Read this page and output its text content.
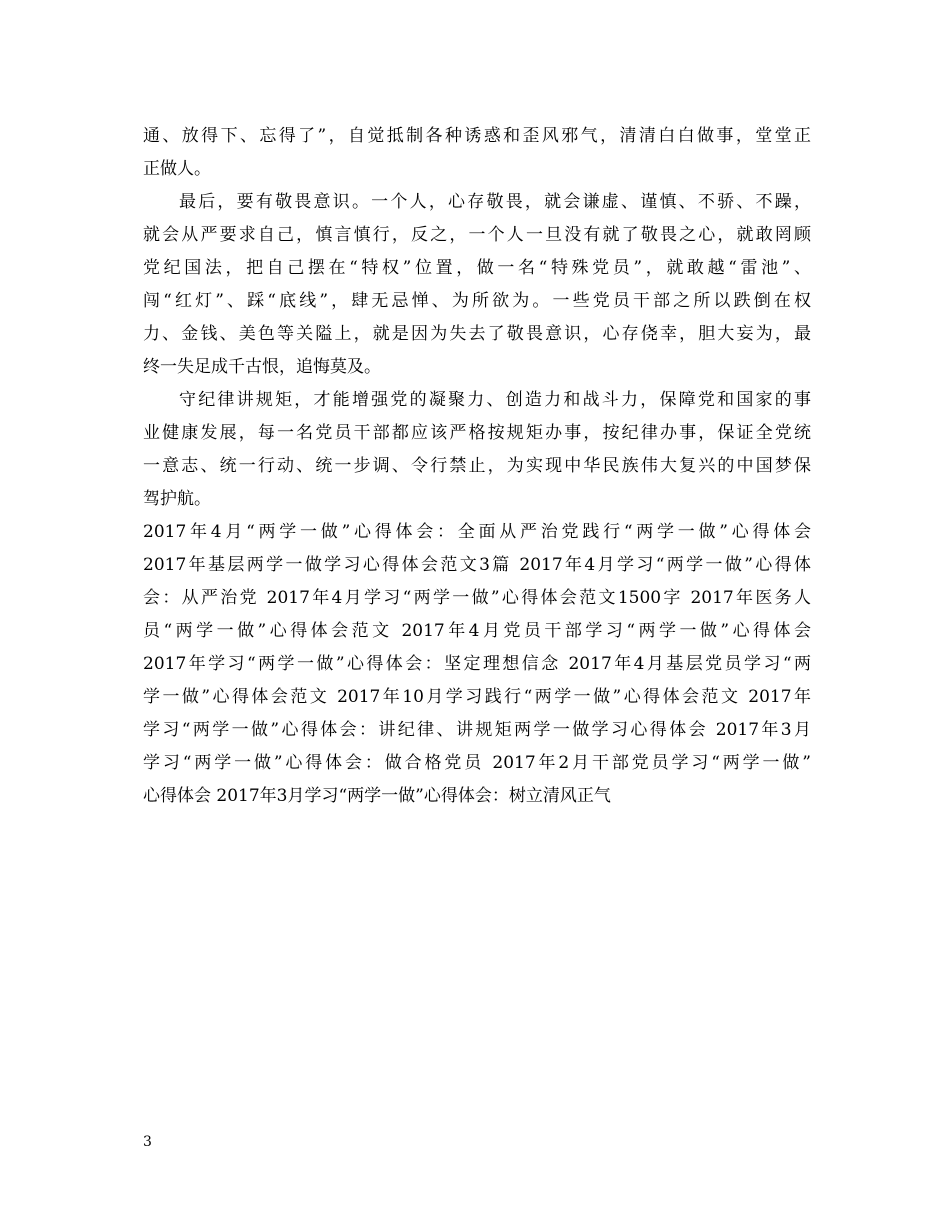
通、放得下、忘得了”，自觉抵制各种诱惑和歪风邪气，清清白白做事，堂堂正
正做人。
最后，要有敬畏意识。一个人，心存敬畏，就会谦虚、谨慎、不骄、不躁，
就会从严要求自己，慎言慎行，反之，一个人一旦没有就了敬畏之心，就敢罔顾
党纪国法，把自己摆在“特权”位置，做一名“特殊党员”，就敢越“雷池”、
闯“红灯”、踩“底线”，肆无忌惮、为所欲为。一些党员干部之所以跌倒在权
力、金钱、美色等关隘上，就是因为失去了敬畏意识，心存侥幸，胆大妄为，最
终一失足成千古恨，追悔莫及。
守纪律讲规矩，才能增强党的凝聚力、创造力和战斗力，保障党和国家的事
业健康发展，每一名党员干部都应该严格按规矩办事，按纪律办事，保证全党统
一意志、统一行动、统一步调、令行禁止，为实现中华民族伟大复兴的中国梦保
驾护航。
2017年4月“两学一做”心得体会：全面从严治党践行“两学一做”心得体会
2017年基层两学一做学习心得体会范文3篇 2017年4月学习“两学一做”心得体
会：从严治党 2017年4月学习“两学一做”心得体会范文1500字 2017年医务人
员“两学一做”心得体会范文 2017年4月党员干部学习“两学一做”心得体会
2017年学习“两学一做”心得体会：坚定理想信念 2017年4月基层党员学习“两
学一做”心得体会范文 2017年10月学习践行“两学一做”心得体会范文 2017年
学习“两学一做”心得体会：讲纪律、讲规矩两学一做学习心得体会 2017年3月
学习“两学一做”心得体会：做合格党员 2017年2月干部党员学习“两学一做”
心得体会 2017年3月学习“两学一做”心得体会：树立清风正气
3
